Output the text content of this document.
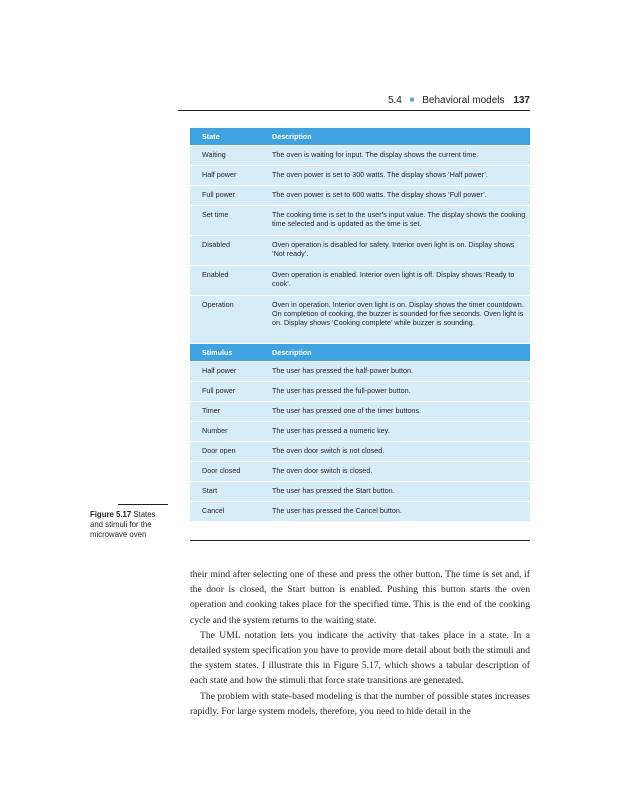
5.4 ■ Behavioral models 137
State	Description
Waiting	The oven is waiting for input. The display shows the current time.
Half power	The oven power is set to 300 watts. The display shows ‘Half power’.
Full power	The oven power is set to 600 watts. The display shows ‘Full power’.
Set time	The cooking time is set to the user’s input value. The display shows the cooking time selected and is updated as the time is set.
Disabled	Oven operation is disabled for safety. Interior oven light is on. Display shows ‘Not ready’.
Enabled	Oven operation is enabled. Interior oven light is off. Display shows ‘Ready to cook’.
Operation	Oven in operation. Interior oven light is on. Display shows the timer countdown. On completion of cooking, the buzzer is sounded for five seconds. Oven light is on. Display shows ‘Cooking complete’ while buzzer is sounding.
Stimulus	Description
Half power	The user has pressed the half-power button.
Full power	The user has pressed the full-power button.
Timer	The user has pressed one of the timer buttons.
Number	The user has pressed a numeric key.
Door open	The oven door switch is not closed.
Door closed	The oven door switch is closed.
Start	The user has pressed the Start button.
Cancel	The user has pressed the Cancel button.
Figure 5.17 States and stimuli for the microwave oven

their mind after selecting one of these and press the other button. The time is set and, if the door is closed, the Start button is enabled. Pushing this button starts the oven operation and cooking takes place for the specified time. This is the end of the cooking cycle and the system returns to the waiting state.

The UML notation lets you indicate the activity that takes place in a state. In a detailed system specification you have to provide more detail about both the stimuli and the system states. I illustrate this in Figure 5.17, which shows a tabular description of each state and how the stimuli that force state transitions are generated.

The problem with state-based modeling is that the number of possible states increases rapidly. For large system models, therefore, you need to hide detail in the
